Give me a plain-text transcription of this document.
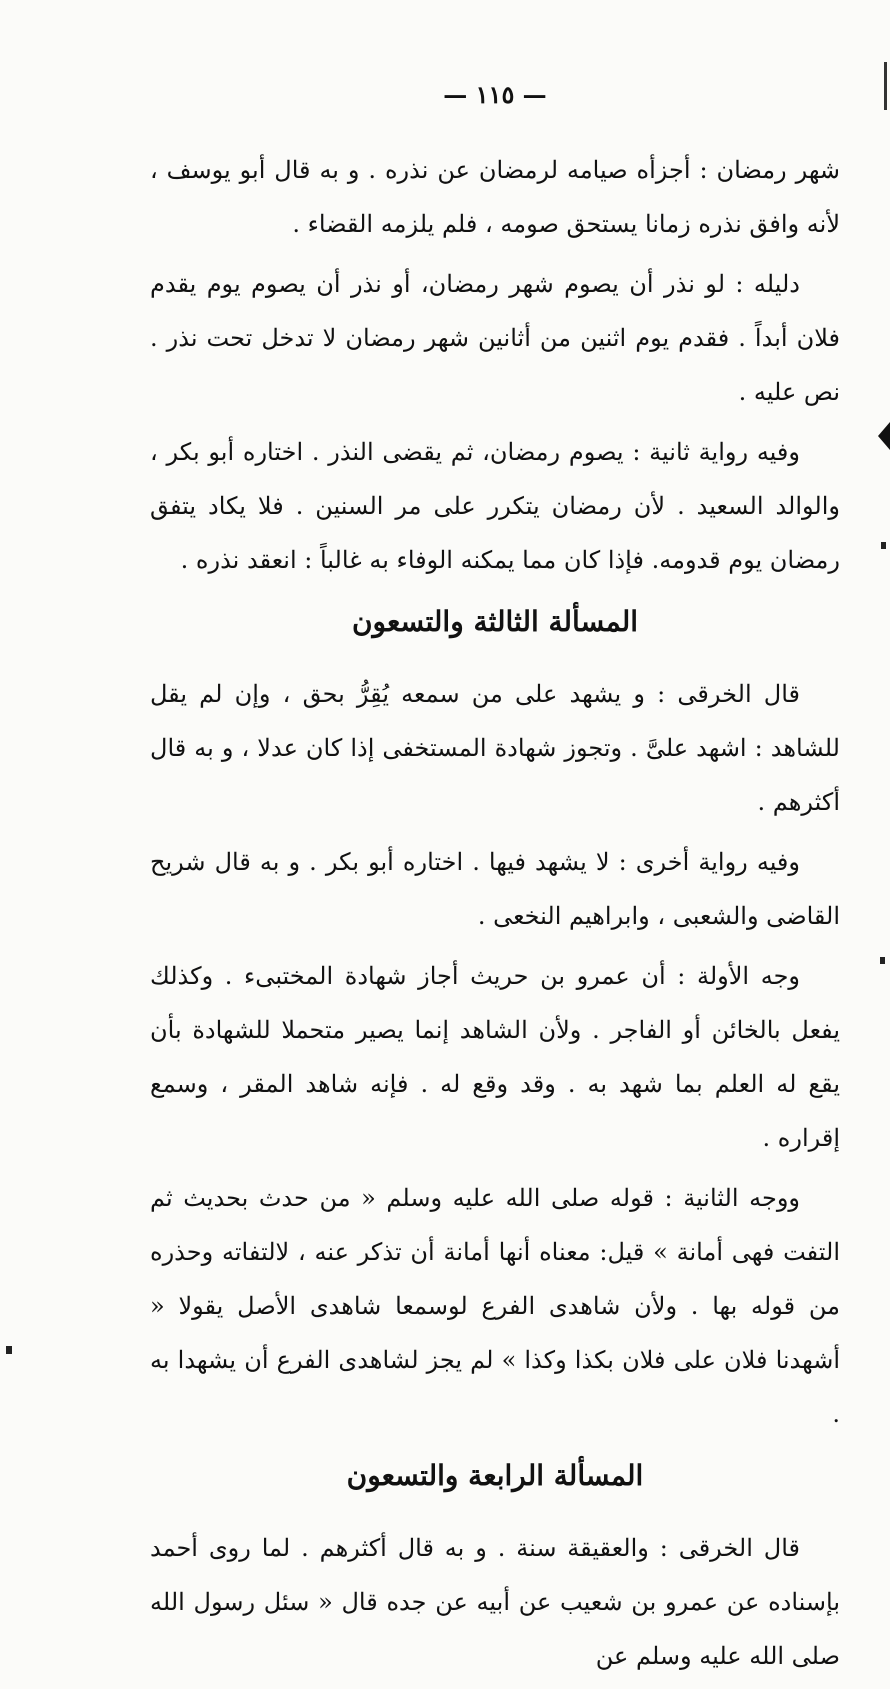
— ١١٥ —

شهر رمضان : أجزأه صيامه لرمضان عن نذره . و به قال أبو يوسف ، لأنه وافق نذره زمانا يستحق صومه ، فلم يلزمه القضاء .

دليله : لو نذر أن يصوم شهر رمضان، أو نذر أن يصوم يوم يقدم فلان أبداً . فقدم يوم اثنين من أثانين شهر رمضان لا تدخل تحت نذر . نص عليه .

وفيه رواية ثانية : يصوم رمضان، ثم يقضى النذر . اختاره أبو بكر ، والوالد السعيد . لأن رمضان يتكرر على مر السنين . فلا يكاد يتفق رمضان يوم قدومه. فإذا كان مما يمكنه الوفاء به غالباً : انعقد نذره .

المسألة الثالثة والتسعون

قال الخرقى : و يشهد على من سمعه يُقِرُّ بحق ، وإن لم يقل للشاهد : اشهد علىَّ . وتجوز شهادة المستخفى إذا كان عدلا ، و به قال أكثرهم .

وفيه رواية أخرى : لا يشهد فيها . اختاره أبو بكر . و به قال شريح القاضى والشعبى ، وابراهيم النخعى .

وجه الأولة : أن عمرو بن حريث أجاز شهادة المختبىء . وكذلك يفعل بالخائن أو الفاجر . ولأن الشاهد إنما يصير متحملا للشهادة بأن يقع له العلم بما شهد به . وقد وقع له . فإنه شاهد المقر ، وسمع إقراره .

ووجه الثانية : قوله صلى الله عليه وسلم « من حدث بحديث ثم التفت فهى أمانة » قيل: معناه أنها أمانة أن تذكر عنه ، لالتفاته وحذره من قوله بها . ولأن شاهدى الفرع لوسمعا شاهدى الأصل يقولا « أشهدنا فلان على فلان بكذا وكذا » لم يجز لشاهدى الفرع أن يشهدا به .

المسألة الرابعة والتسعون

قال الخرقى : والعقيقة سنة . و به قال أكثرهم . لما روى أحمد بإسناده عن عمرو بن شعيب عن أبيه عن جده قال « سئل رسول الله صلى الله عليه وسلم عن
